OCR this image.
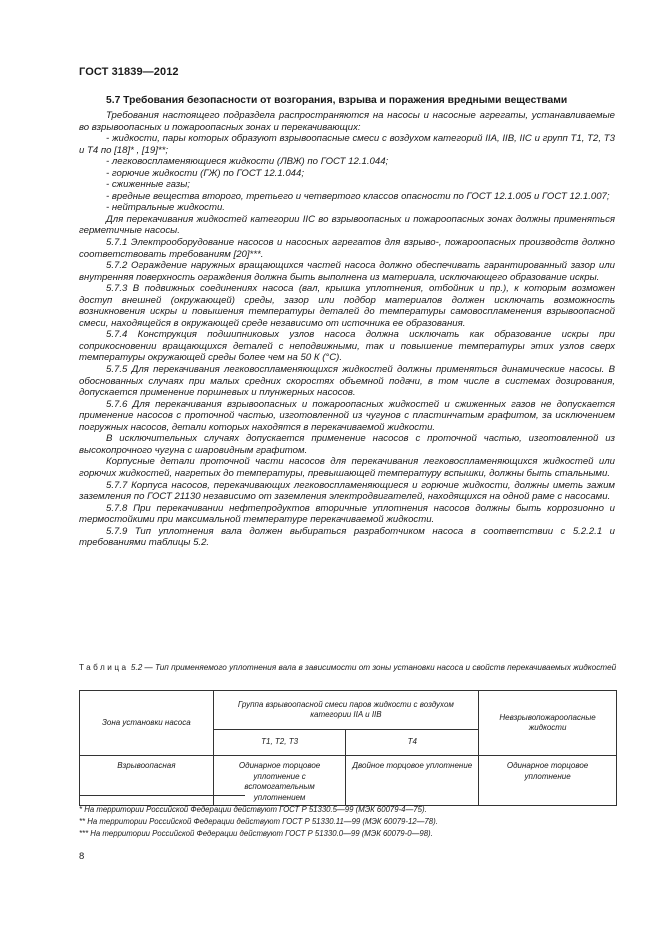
ГОСТ 31839—2012
5.7 Требования безопасности от возгорания, взрыва и поражения вредными веществами

Требования настоящего подраздела распространяются на насосы и насосные агрегаты, устанавливаемые во взрывоопасных и пожароопасных зонах и перекачивающих:

- жидкости, пары которых образуют взрывоопасные смеси с воздухом категорий IIA, IIB, IIC и групп Т1, Т2, Т3 и Т4 по [18]* , [19]**;

- легковоспламеняющиеся жидкости (ЛВЖ) по ГОСТ 12.1.044;

- горючие жидкости (ГЖ) по ГОСТ 12.1.044;

- сжиженные газы;

- вредные вещества второго, третьего и четвертого классов опасности по ГОСТ 12.1.005 и ГОСТ 12.1.007;

- нейтральные жидкости.

Для перекачивания жидкостей категории IIC во взрывоопасных и пожароопасных зонах должны применяться герметичные насосы.

5.7.1 Электрооборудование насосов и насосных агрегатов для взрыво-, пожароопасных производств должно соответствовать требованиям [20]***.

5.7.2 Ограждение наружных вращающихся частей насоса должно обеспечивать гарантированный зазор или внутренняя поверхность ограждения должна быть выполнена из материала, исключающего образование искры.

5.7.3 В подвижных соединениях насоса (вал, крышка уплотнения, отбойник и пр.), к которым возможен доступ внешней (окружающей) среды, зазор или подбор материалов должен исключать возможность возникновения искры и повышения температуры деталей до температуры самовоспламенения взрывоопасной смеси, находящейся в окружающей среде независимо от источника ее образования.

5.7.4 Конструкция подшипниковых узлов насоса должна исключать как образование искры при соприкосновении вращающихся деталей с неподвижными, так и повышение температуры этих узлов сверх температуры окружающей среды более чем на 50 К (°С).

5.7.5 Для перекачивания легковоспламеняющихся жидкостей должны применяться динамические насосы. В обоснованных случаях при малых средних скоростях объемной подачи, в том числе в системах дозирования, допускается применение поршневых и плунжерных насосов.

5.7.6 Для перекачивания взрывоопасных и пожароопасных жидкостей и сжиженных газов не допускается применение насосов с проточной частью, изготовленной из чугунов с пластинчатым графитом, за исключением погружных насосов, детали которых находятся в перекачиваемой жидкости.

В исключительных случаях допускается применение насосов с проточной частью, изготовленной из высокопрочного чугуна с шаровидным графитом.

Корпусные детали проточной части насосов для перекачивания легковоспламеняющихся жидкостей или горючих жидкостей, нагретых до температуры, превышающей температуру вспышки, должны быть стальными.

5.7.7 Корпуса насосов, перекачивающих легковоспламеняющиеся и горючие жидкости, должны иметь зажим заземления по ГОСТ 21130 независимо от заземления электродвигателей, находящихся на одной раме с насосами.

5.7.8 При перекачивании нефтепродуктов вторичные уплотнения насосов должны быть коррозионно и термостойкими при максимальной температуре перекачиваемой жидкости.

5.7.9 Тип уплотнения вала должен выбираться разработчиком насоса в соответствии с 5.2.2.1 и требованиями таблицы 5.2.

Таблица 5.2 — Тип применяемого уплотнения вала в зависимости от зоны установки насоса и свойств перекачиваемых жидкостей
Зона установки насоса	Группа взрывоопасной смеси паров жидкости с воздухом категории IIA и IIB		Невзрывопожароопасные жидкости
	Т1, Т2, Т3	Т4	
Взрывоопасная	Одинарное торцовое уплотнение с вспомогательным уплотнением	Двойное торцовое уплотнение	Одинарное торцовое уплотнение
* На территории Российской Федерации действуют ГОСТ Р 51330.5—99 (МЭК 60079-4—75).
** На территории Российской Федерации действуют ГОСТ Р 51330.11—99 (МЭК 60079-12—78).
*** На территории Российской Федерации действуют ГОСТ Р 51330.0—99 (МЭК 60079-0—98).
8
